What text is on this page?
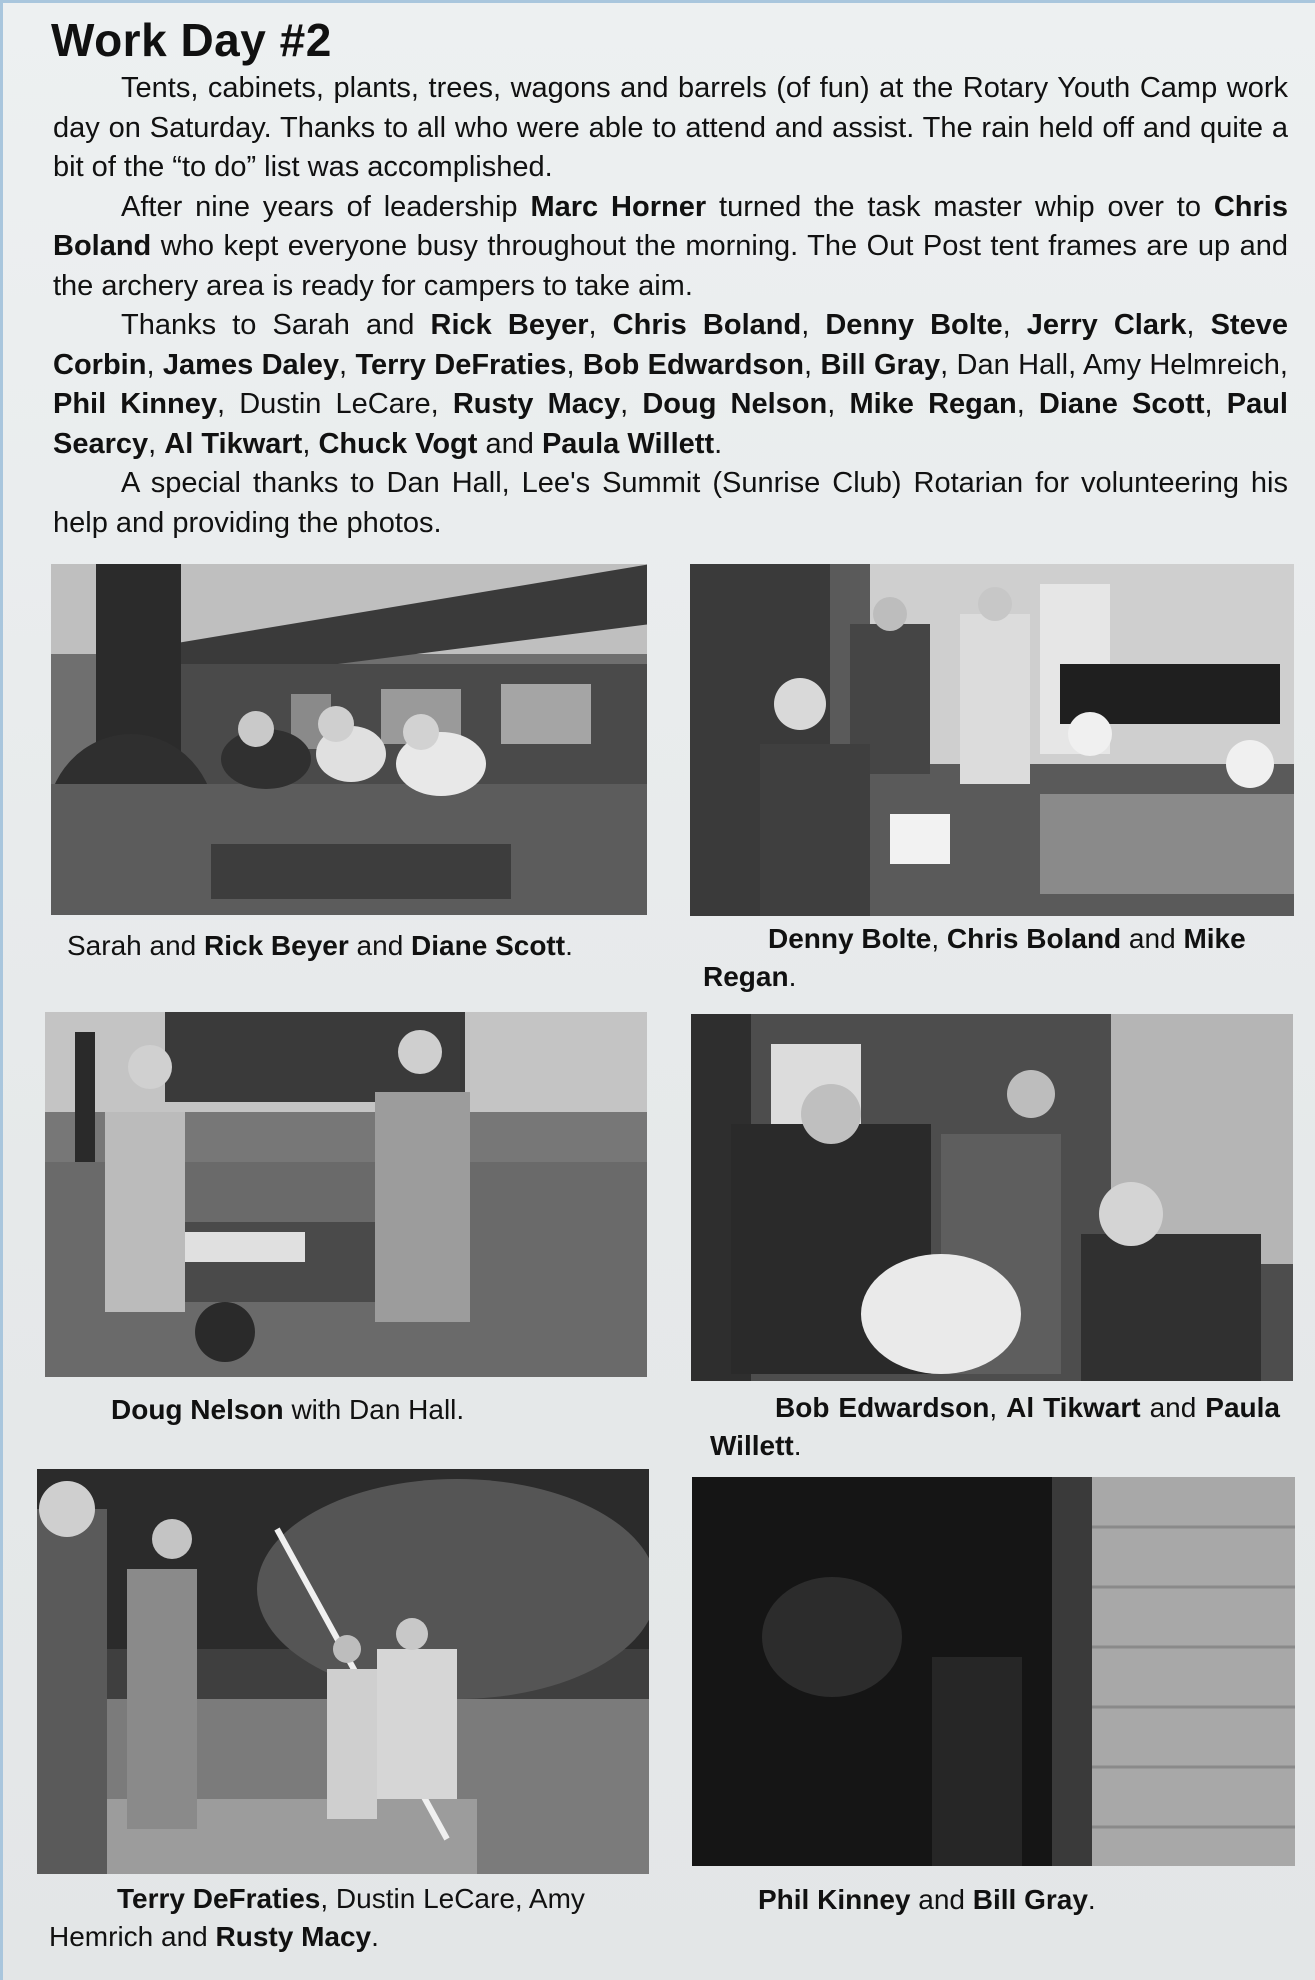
Work Day #2

Tents, cabinets, plants, trees, wagons and barrels (of fun) at the Rotary Youth Camp work day on Saturday. Thanks to all who were able to attend and assist. The rain held off and quite a bit of the “to do” list was accomplished.

After nine years of leadership Marc Horner turned the task master whip over to Chris Boland who kept everyone busy throughout the morning. The Out Post tent frames are up and the archery area is ready for campers to take aim.

Thanks to Sarah and Rick Beyer, Chris Boland, Denny Bolte, Jerry Clark, Steve Corbin, James Daley, Terry DeFraties, Bob Edwardson, Bill Gray, Dan Hall, Amy Helmreich, Phil Kinney, Dustin LeCare, Rusty Macy, Doug Nelson, Mike Regan, Diane Scott, Paul Searcy, Al Tikwart, Chuck Vogt and Paula Willett.

A special thanks to Dan Hall, Lee's Summit (Sunrise Club) Rotarian for volunteering his help and providing the photos.

Sarah and Rick Beyer and Diane Scott.	Denny Bolte, Chris Boland and Mike Regan.
Doug Nelson with Dan Hall.	Bob Edwardson, Al Tikwart and Paula Willett.
Terry DeFraties, Dustin LeCare, Amy Hemrich and Rusty Macy.
Phil Kinney and Bill Gray.
